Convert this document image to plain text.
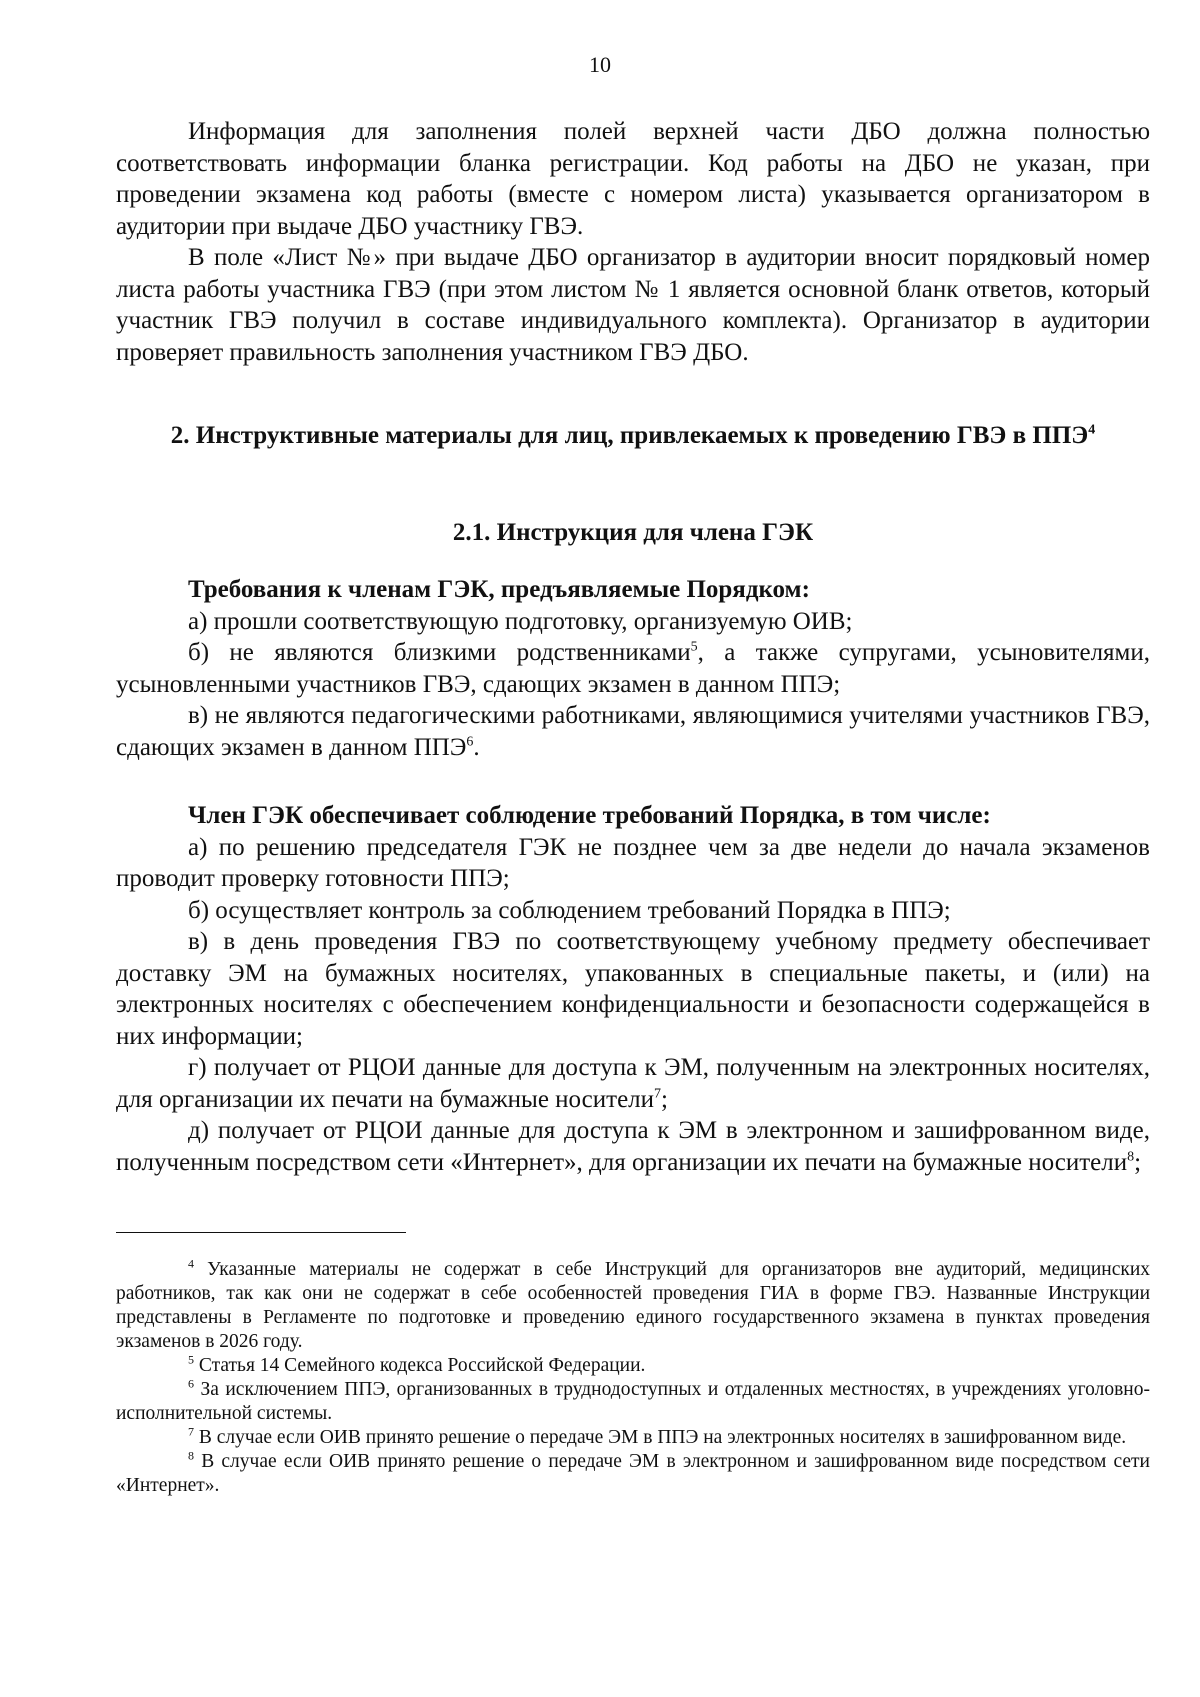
10

Информация для заполнения полей верхней части ДБО должна полностью соответствовать информации бланка регистрации. Код работы на ДБО не указан, при проведении экзамена код работы (вместе с номером листа) указывается организатором в аудитории при выдаче ДБО участнику ГВЭ.

В поле «Лист №» при выдаче ДБО организатор в аудитории вносит порядковый номер листа работы участника ГВЭ (при этом листом № 1 является основной бланк ответов, который участник ГВЭ получил в составе индивидуального комплекта). Организатор в аудитории проверяет правильность заполнения участником ГВЭ ДБО.

2. Инструктивные материалы для лиц, привлекаемых к проведению ГВЭ в ППЭ$^4$
2.1. Инструкция для члена ГЭК

Требования к членам ГЭК, предъявляемые Порядком:

а) прошли соответствующую подготовку, организуемую ОИВ;

б) не являются близкими родственниками$^5$, а также супругами, усыновителями, усыновленными участников ГВЭ, сдающих экзамен в данном ППЭ;

в) не являются педагогическими работниками, являющимися учителями участников ГВЭ, сдающих экзамен в данном ППЭ$^6$.

Член ГЭК обеспечивает соблюдение требований Порядка, в том числе:

а) по решению председателя ГЭК не позднее чем за две недели до начала экзаменов проводит проверку готовности ППЭ;

б) осуществляет контроль за соблюдением требований Порядка в ППЭ;

в) в день проведения ГВЭ по соответствующему учебному предмету обеспечивает доставку ЭМ на бумажных носителях, упакованных в специальные пакеты, и (или) на электронных носителях с обеспечением конфиденциальности и безопасности содержащейся в них информации;

г) получает от РЦОИ данные для доступа к ЭМ, полученным на электронных носителях, для организации их печати на бумажные носители$^7$;

д) получает от РЦОИ данные для доступа к ЭМ в электронном и зашифрованном виде, полученным посредством сети «Интернет», для организации их печати на бумажные носители$^8$;

$^4$ Указанные материалы не содержат в себе Инструкций для организаторов вне аудиторий, медицинских работников, так как они не содержат в себе особенностей проведения ГИА в форме ГВЭ. Названные Инструкции представлены в Регламенте по подготовке и проведению единого государственного экзамена в пунктах проведения экзаменов в 2026 году.

$^5$ Статья 14 Семейного кодекса Российской Федерации.

$^6$ За исключением ППЭ, организованных в труднодоступных и отдаленных местностях, в учреждениях уголовно-исполнительной системы.

$^7$ В случае если ОИВ принято решение о передаче ЭМ в ППЭ на электронных носителях в зашифрованном виде.

$^8$ В случае если ОИВ принято решение о передаче ЭМ в электронном и зашифрованном виде посредством сети «Интернет».
